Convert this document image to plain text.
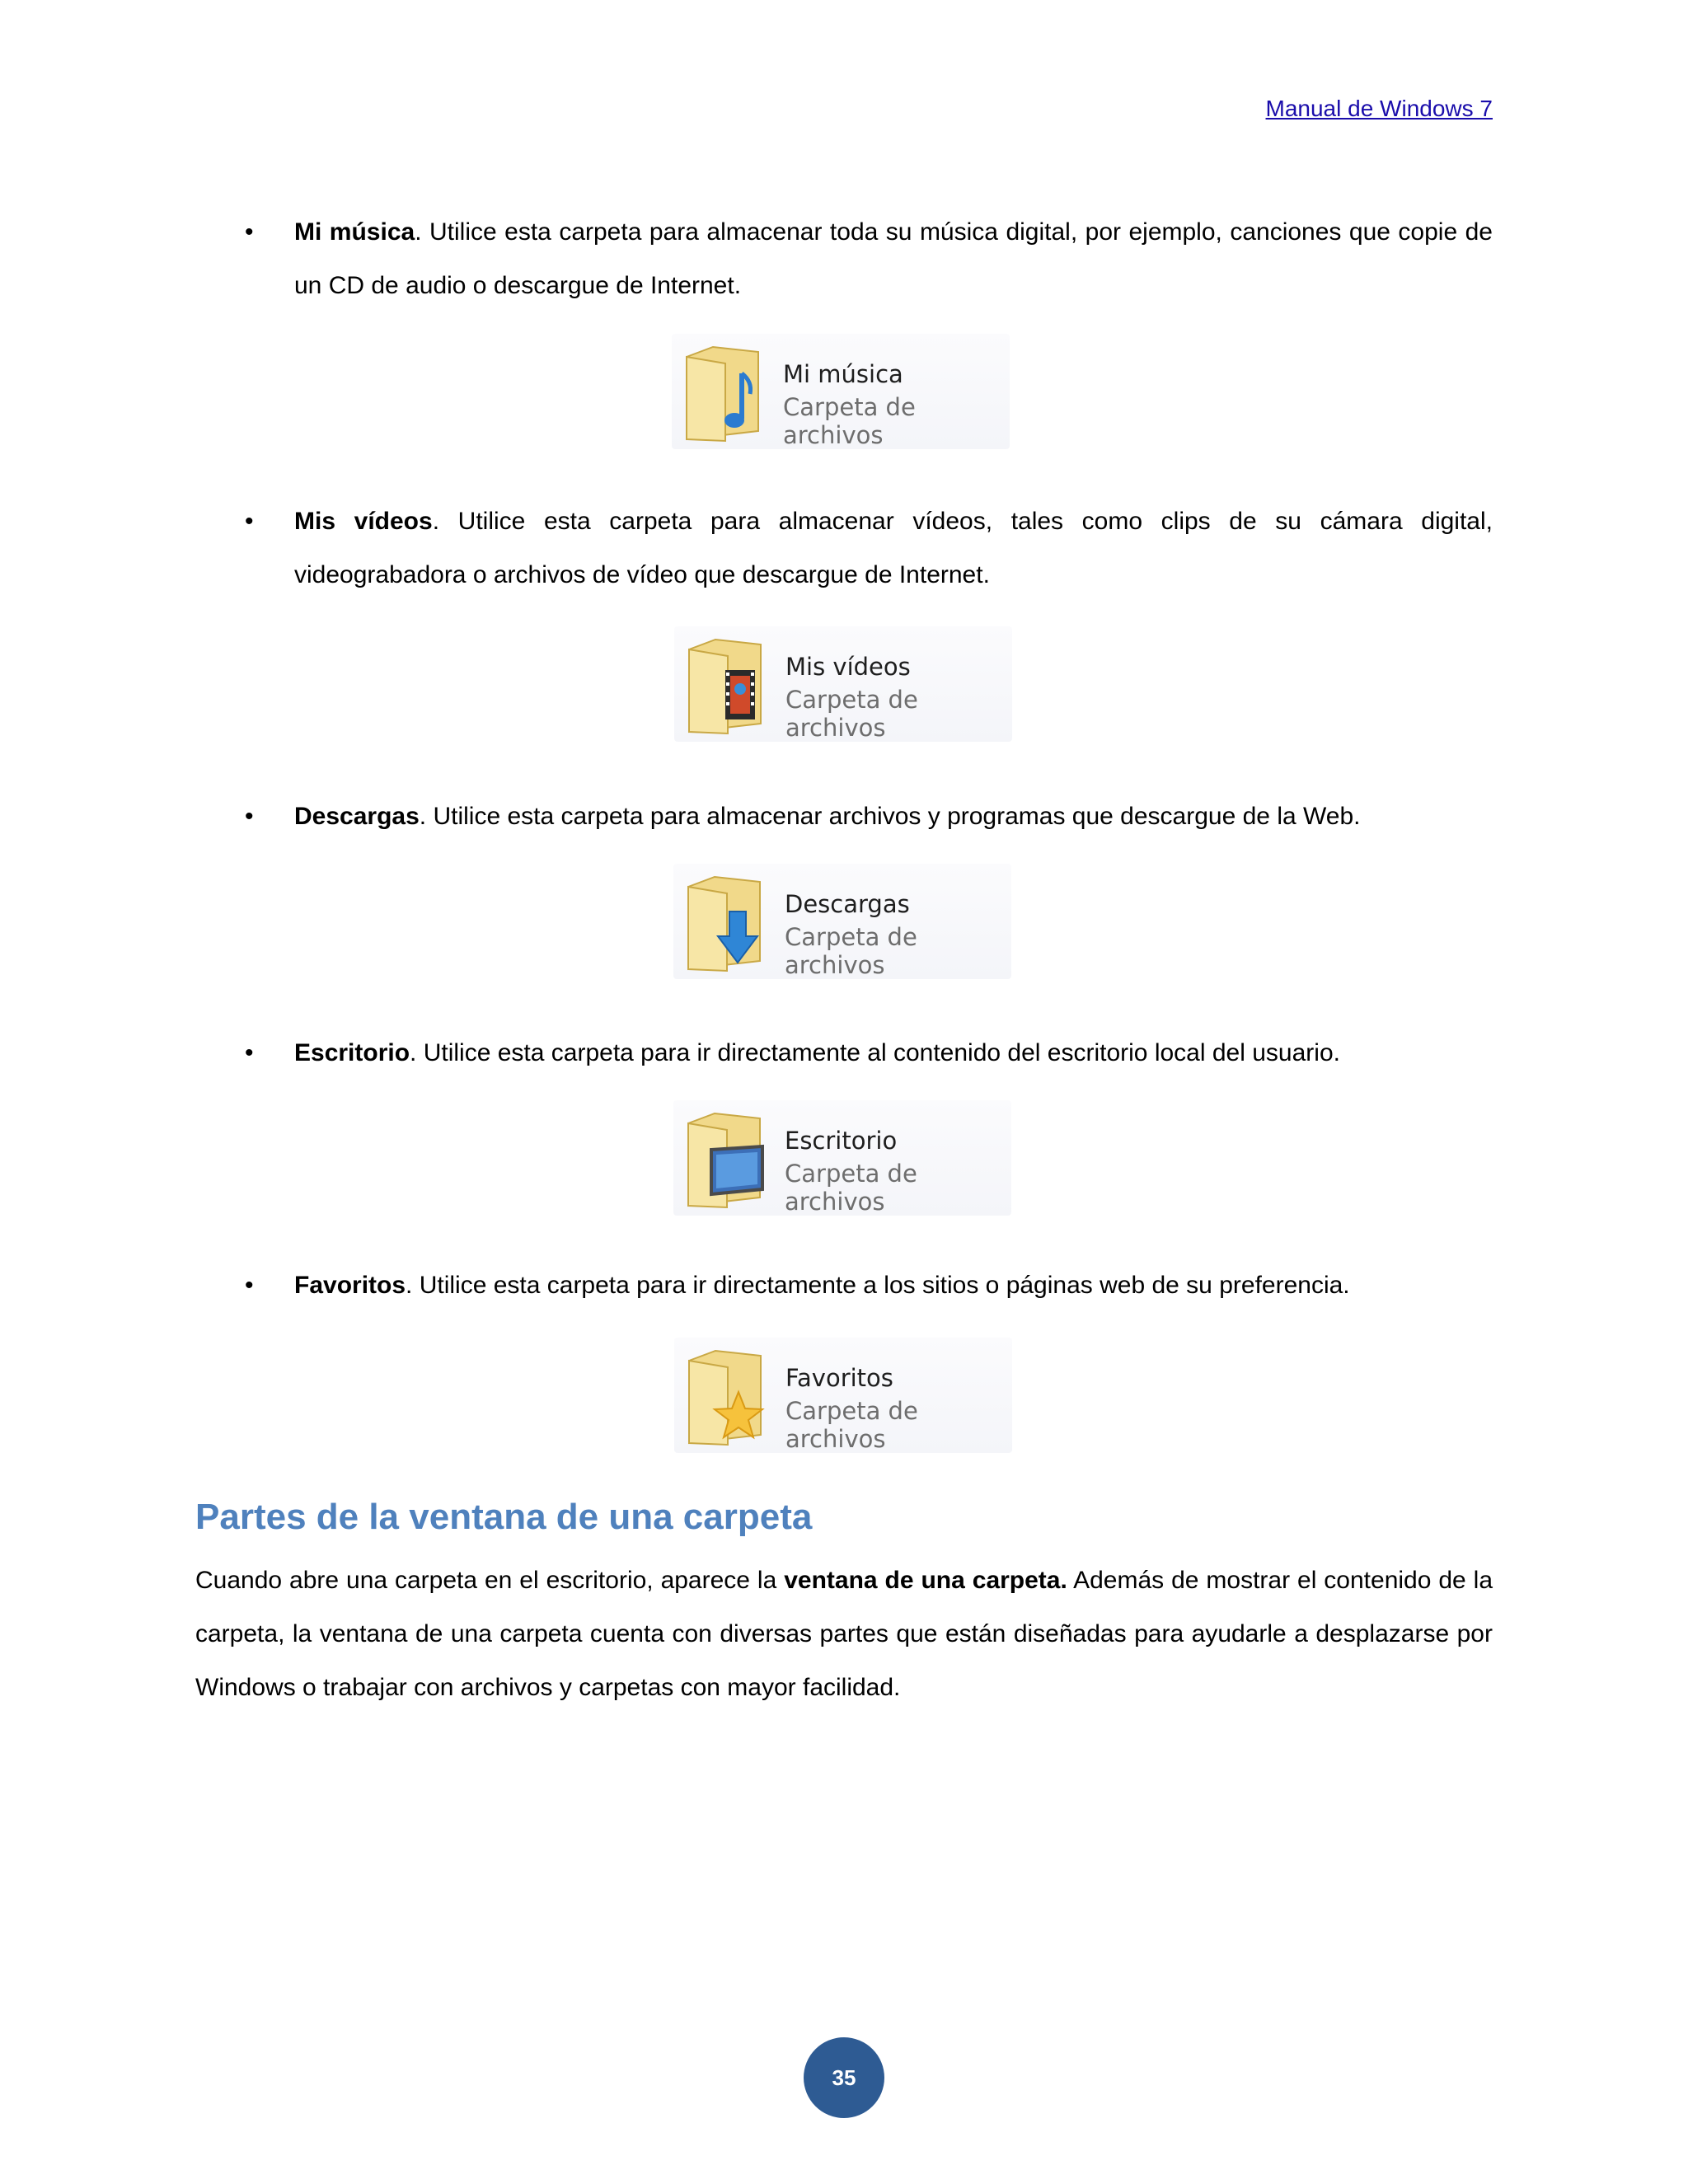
Manual de Windows 7
• Mi música. Utilice esta carpeta para almacenar toda su música digital, por ejemplo, canciones que copie de un CD de audio o descargue de Internet.
Mi música
Carpeta de archivos
• Mis vídeos. Utilice esta carpeta para almacenar vídeos, tales como clips de su cámara digital, videograbadora o archivos de vídeo que descargue de Internet.
Mis vídeos
Carpeta de archivos
• Descargas. Utilice esta carpeta para almacenar archivos y programas que descargue de la Web.
Descargas
Carpeta de archivos
• Escritorio. Utilice esta carpeta para ir directamente al contenido del escritorio local del usuario.
Escritorio
Carpeta de archivos
• Favoritos. Utilice esta carpeta para ir directamente a los sitios o páginas web de su preferencia.
Favoritos
Carpeta de archivos
Partes de la ventana de una carpeta
Cuando abre una carpeta en el escritorio, aparece la ventana de una carpeta. Además de mostrar el contenido de la carpeta, la ventana de una carpeta cuenta con diversas partes que están diseñadas para ayudarle a desplazarse por Windows o trabajar con archivos y carpetas con mayor facilidad.
35
